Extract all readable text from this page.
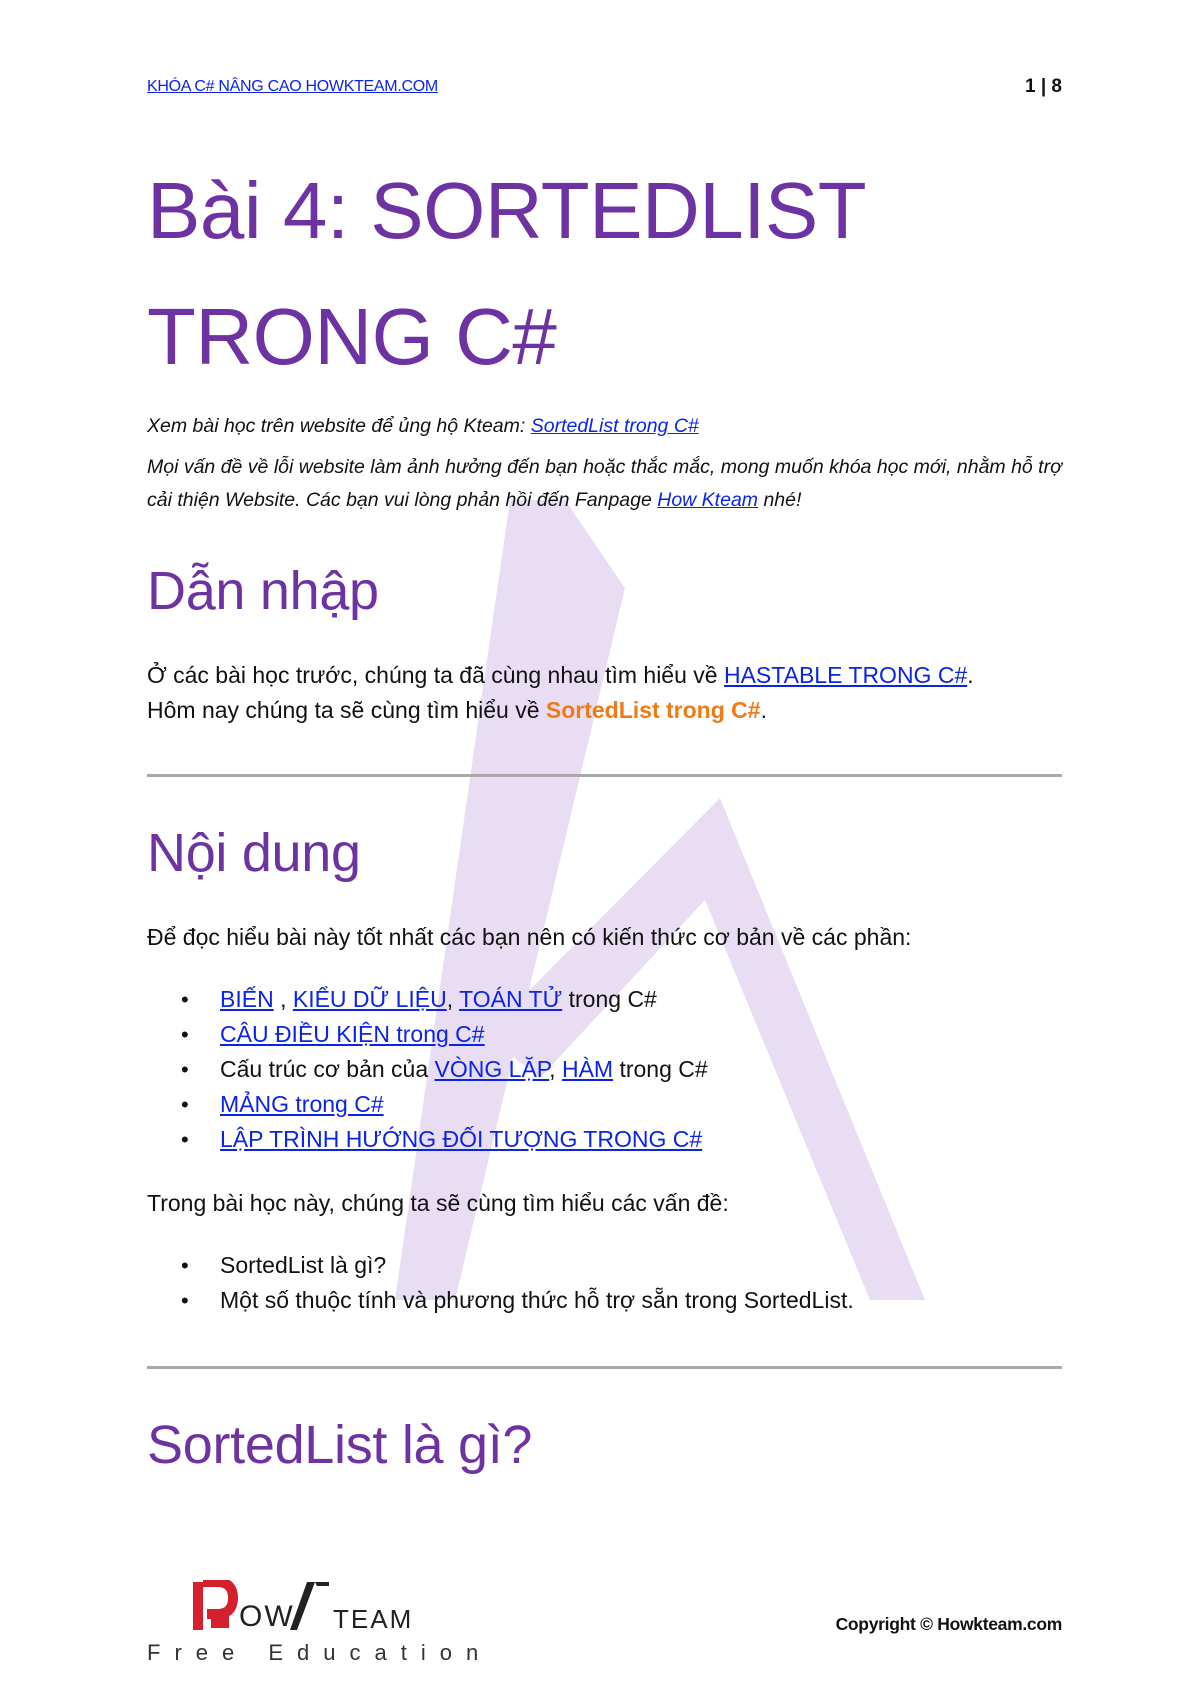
KHÓA C# NÂNG CAO HOWKTEAM.COM	1 | 8
Bài 4: SORTEDLIST
TRONG C#

Xem bài học trên website để ủng hộ Kteam: SortedList trong C#

Mọi vấn đề về lỗi website làm ảnh hưởng đến bạn hoặc thắc mắc, mong muốn khóa học mới, nhằm hỗ trợ cải thiện Website. Các bạn vui lòng phản hồi đến Fanpage How Kteam nhé!

Dẫn nhập

Ở các bài học trước, chúng ta đã cùng nhau tìm hiểu về HASTABLE TRONG C#.

Hôm nay chúng ta sẽ cùng tìm hiểu về SortedList trong C#.

Nội dung

Để đọc hiểu bài này tốt nhất các bạn nên có kiến thức cơ bản về các phần:

• BIẾN , KIỂU DỮ LIỆU, TOÁN TỬ trong C#
• CÂU ĐIỀU KIỆN trong C#
• Cấu trúc cơ bản của VÒNG LẶP, HÀM trong C#
• MẢNG trong C#
• LẬP TRÌNH HƯỚNG ĐỐI TƯỢNG TRONG C#

Trong bài học này, chúng ta sẽ cùng tìm hiểu các vấn đề:

• SortedList là gì?
• Một số thuộc tính và phương thức hỗ trợ sẵn trong SortedList.
SortedList là gì?
OW TEAM
Free Education
Copyright © Howkteam.com
